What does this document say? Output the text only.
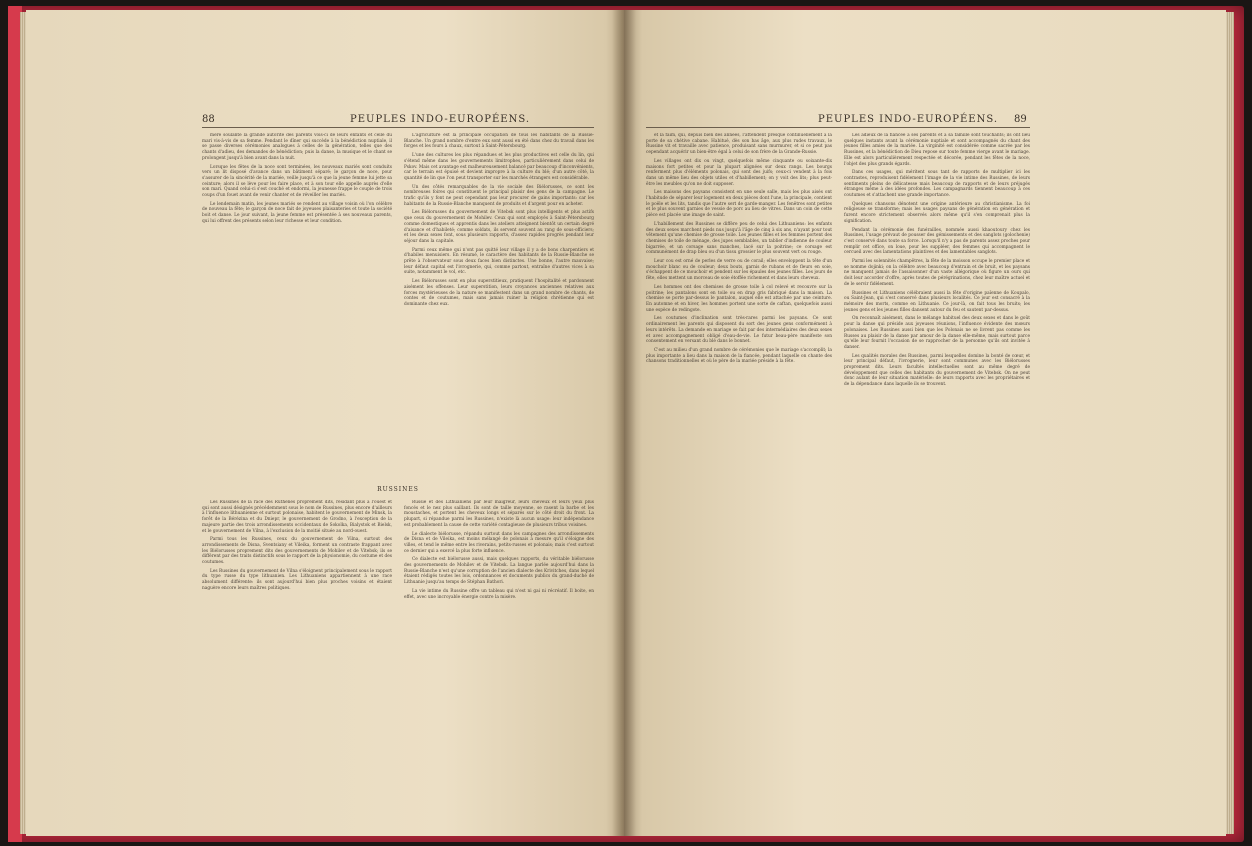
88	PEUPLES INDO-EUROPÉENS.

mère soulante la grande autorité des parents vois-ci de leurs enfants et celle du mari vis-à-vis de sa femme. Pendant le dîner qui succède à la bénédiction nuptiale, il se passe diverses cérémonies analogues à celles de la génération, telles que des chants d'adieu, des demandes de bénédiction; puis la danse, la musique et le chant se prolongent jusqu'à bien avant dans la nuit.

Lorsque les fêtes de la noce sont terminées, les nouveaux mariés sont conduits vers un lit disposé d'avance dans un bâtiment séparé; le garçon de noce, pour s'assurer de la sincérité de la mariée, veille jusqu'à ce que la jeune femme lui jette sa ceinture; alors il se lève pour les faire place, et à son tour elle appelle auprès d'elle son mari. Quand celui-ci s'est couché et endormi, la jeunesse frappe le couple de trois coups d'un fouet avant de venir chanter et de réveiller les mariés.

Le lendemain matin, les jeunes mariés se rendent au village voisin où l'on célèbre de nouveau la fête; le garçon de noce fait de joyeuses plaisanteries et toute la société boit et danse. Le jour suivant, la jeune femme est présentée à ses nouveaux parents, qui lui offrent des présents selon leur richesse et leur condition.

L'agriculture est la principale occupation de tous les habitants de la Russie-Blanche. Un grand nombre d'entre eux sont aussi en été dans chez du travail dans les forges et les fours à chaux, surtout à Saint-Pétersbourg.

L'une des cultures les plus répandues et les plus productives est celle du lin, qui s'étend même dans les gouvernements limitrophes, particulièrement dans celui de Pskov. Mais cet avantage est malheureusement balancé par beaucoup d'inconvénients, car le terrain est épuisé et devient impropre à la culture du blé; d'un autre côté, la quantité de lin que l'on peut transporter sur les marchés étrangers est considérable.

Un des côtés remarquables de la vie sociale des Biélorusses, ce sont les nombreuses foires qui constituent le principal plaisir des gens de la campagne. Le trafic qu'ils y font ne peut cependant pas leur procurer de gains importants: car les habitants de la Russie-Blanche manquent de produits et d'argent pour en acheter.

Les Biélorusses du gouvernement de Vitebsk sont plus intelligents et plus actifs que ceux du gouvernement de Mohilev. Ceux qui sont employés à Saint-Pétersbourg comme domestiques et apprentis dans les ateliers atteignent bientôt un certain degré d'aisance et d'habileté; comme soldats, ils servent souvent au rang de sous-officiers; et les deux sexes font, sous plusieurs rapports, d'assez rapides progrès pendant leur séjour dans la capitale.

Parmi ceux même qui n'ont pas quitté leur village il y a de bons charpentiers et d'habiles menuisiers. En résumé, le caractère des habitants de la Russie-Blanche se prête à l'observateur sous deux faces bien distinctes. Une bonne, l'autre mauvaise; leur défaut capital est l'ivrognerie, qui, comme partout, entraîne d'autres vices à sa suite, notamment le vol, etc.

Les Biélorusses sont en plus superstitieux, pratiquent l'hospitalité et pardonnent aisément les offenses. Leur superstition, leurs croyances anciennes relatives aux forces mystérieuses de la nature se manifestent dans un grand nombre de chants, de contes et de coutumes, mais sans jamais ruiner la religion chrétienne qui est dominante chez eux.

RUSSINES

Les Russines de la race des Ruthènes proprement dits, résidant plus à l'ouest et qui sont aussi désignés précédemment sous le nom de Russines, plus encore d'ailleurs à l'influence lithuanienne et surtout polonaise, habitent le gouvernement de Minsk, la forêt de la Bérézina et du Dniepr, le gouvernement de Grodno, à l'exception de la majeure partie des trois arrondissements occidentaux de Sokolka, Bialystok et Bielsk, et le gouvernement de Vilna, à l'exclusion de la moitié située au nord-ouest.

Parmi tous les Russines, ceux du gouvernement de Vilna, surtout des arrondissements de Disna, Sventsiany et Vileika, forment un contraste frappant avec les Biélorusses proprement dits des gouvernements de Mohilev et de Vitebsk; ils se différent par des traits distinctifs sous le rapport de la physionomie, du costume et des coutumes.

Les Russines du gouvernement de Vilna s'éloignent principalement sous le rapport du type russe du type lithuanien. Les Lithuaniens appartiennent à une race absolument différente: ils sont aujourd'hui bien plus proches voisins et étaient naguère encore leurs maîtres politiques.

Russie et des Lithuaniens par leur maigreur, leurs cheveux et leurs yeux plus foncés et le nez plus saillant. Ils sont de taille moyenne, se rasent la barbe et les moustaches, et portent les cheveux longs et séparés sur le côté droit du front. La plupart, si répandue parmi les Russines, n'existe là aucun usage: leur indépendance est probablement la cause de cette variété contagieuse de plusieurs tribus voisines.

Le dialecte biélorusse, répandu surtout dans les campagnes des arrondissements de Disna et de Vileika, est moins mélangé de polonais à mesure qu'il s'éloigne des villes, et tend le même entre les riverains, petits-russes et polonais; mais c'est surtout ce dernier qui a exercé la plus forte influence.

Ce dialecte est biélorusse aussi, mais quelques rapports, du véritable biélorusse des gouvernements de Mohilev et de Vitebsk. La langue parlée aujourd'hui dans la Russie-Blanche n'est qu'une corruption de l'ancien dialecte des Krivitches, dans lequel étaient rédigés toutes les lois, ordonnances et documents publics du grand-duché de Lithuanie jusqu'au temps de Stéphan Bathori.

La vie intime du Russine offre un tableau qui n'est ni gai ni récréatif. Il boite, en effet, avec une incroyable énergie contre la misère.

PEUPLES INDO-EUROPÉENS. 89

et la faim, qui, depuis bien des années, l'attendent presque continuellement à la porte de sa chétive cabane. Habitué, dès son bas âge, aux plus rudes travaux, le Russine vit et travaille avec patience, produisant sans murmurer, et si ce peut pas cependant acquérir un bien-être égal à celui de son frère de la Grande-Russie.

Les villages ont dix ou vingt, quelquefois même cinquante ou soixante-dix maisons fort petites et pour la plupart alignées sur deux rangs. Les bourgs renferment plus d'éléments polonais, qui sont des juifs; ceux-ci vendent à la fois dans un même lieu des objets utiles et d'habillement; on y voit des lits; plus peut-être les meubles qu'on ne doit supposer.

Les maisons des paysans consistent en une seule salle, mais les plus aisés ont l'habitude de séparer leur logement en deux pièces dont l'une, la principale, contient le poêle et les lits, tandis que l'autre sert de garde-manger. Les fenêtres sont petites et le plus souvent garnies de vessie de porc au lieu de vitres. Dans un coin de cette pièce est placée une image de saint.

L'habillement des Russines se diffère peu de celui des Lithuaniens: les enfants des deux sexes marchent pieds nus jusqu'à l'âge de cinq à six ans, n'ayant pour tout vêtement qu'une chemise de grosse toile. Les jeunes filles et les femmes portent des chemises de toile de ménage, des jupes semblables, un tablier d'indienne de couleur bigarrée, et un corsage sans manches, lacé sur la poitrine; ce corsage est communément de drap bleu ou d'un tissu grossier le plus souvent vert ou rouge.

Leur cou est orné de perles de verre ou de corail; elles enveloppent la tête d'un mouchoir blanc ou de couleur; deux bouts, garnis de rubans et de fleurs en soie, s'échappent de ce mouchoir et pendent sur les épaules des jeunes filles. Les jours de fête, elles mettent un morceau de soie étoffée richement et dans leurs cheveux.

Les hommes ont des chemises de grosse toile à col relevé et recouvre sur la poitrine; les pantalons sont en toile ou en drap gris fabriqué dans la maison. La chemise se porte par-dessus le pantalon, auquel elle est attachée par une ceinture. En automne et en hiver, les hommes portent une sorte de caftan, quelquefois aussi une espèce de redingote.

Les coutumes d'inclination sont très-rares parmi les paysans. Ce sont ordinairement les parents qui disposent du sort des jeunes gens conformément à leurs intérêts. La demande en mariage se fait par des intermédiaires des deux sexes et avec accompagnement obligé d'eau-de-vie. Le futur beau-père manifeste son consentement en versant du blé dans le bonnet.

C'est au milieu d'un grand nombre de cérémonies que le mariage s'accomplit; la plus importante a lieu dans la maison de la fiancée, pendant laquelle on chante des chansons traditionnelles et où le père de la mariée préside à la fête.

Les adieux de la fiancée à ses parents et à sa famille sont touchants; ils ont lieu quelques instants avant la cérémonie nuptiale et sont accompagnés du chant des jeunes filles amies de la mariée. La virginité est considérée comme sacrée par les Russines, et la bénédiction de Dieu repose sur toute femme vierge avant le mariage. Elle est alors particulièrement respectée et décorée, pendant les fêtes de la noce, l'objet des plus grands égards.

Dans ces usages, qui méritent sous tant de rapports de multiplier ici les contrastes, reproduisent fidèlement l'image de la vie intime des Russines, de leurs sentiments pleins de délicatesse mais beaucoup de rapports et de leurs préjugés étranges même à des idées profondes. Les campagnards tiennent beaucoup à ces coutumes et s'attachent une grande importance.

Quelques chansons dénotent une origine antérieure au christianisme. La foi religieuse se transforme; mais les usages paysans de génération en génération et furent encore strictement observés alors même qu'il s'en comprenait plus la signification.

Pendant la cérémonie des funérailles, nommée aussi khaoutoury chez les Russines, l'usage prévaut de pousser des gémissements et des sanglots (golochenie) c'est conservé dans toute sa force. Lorsqu'il n'y a pas de parents assez proches pour remplir cet office, on loue, pour les suppléer, des femmes qui accompagnent le cercueil avec des lamentations plaintives et des lamentables sanglots.

Parmi les solennités champêtres, la fête de la moisson occupe le premier place et se nomme dojinki; on la célèbre avec beaucoup d'entrain et de bruit, et les paysans ne manquent jamais de l'assaisonner d'un vaste allégorique où figure un ours qui doit leur accorder d'offre, après toutes de pérégrinations, chez leur maître actuel et de le servir fidèlement.

Russines et Lithuaniens célébraient aussi la fête d'origine païenne de Koupalo, ou Saint-Jean, qui s'est conservé dans plusieurs localités. Ce jour est consacré à la mémoire des morts, comme en Lithuanie. Ce jour-là, on fait tous les bruits; les jeunes gens et les jeunes filles dansent autour du feu et sautent par-dessus.

On reconnaît aisément, dans le mélange habituel des deux sexes et dans le goût pour la danse qui préside aux joyeuses réunions, l'influence évidente des mœurs polonaises. Les Russines aussi bien que les Polonais ne se livrent pas comme les Russes au plaisir de la danse par amour de la danse elle-même, mais surtout parce qu'elle leur fournit l'occasion de se rapprocher de la personne qu'ils ont invitée à danser.

Les qualités morales des Russines, parmi lesquelles domine la bonté de cœur, et leur principal défaut, l'ivrognerie, leur sont communes avec les Biélorusses proprement dits. Leurs facultés intellectuelles sont au même degré de développement que celles des habitants du gouvernement de Vitebsk. On ne peut donc aulant de leur situation matérielle: de leurs rapports avec les propriétaires et de la dépendance dans laquelle ils se trouvent.
